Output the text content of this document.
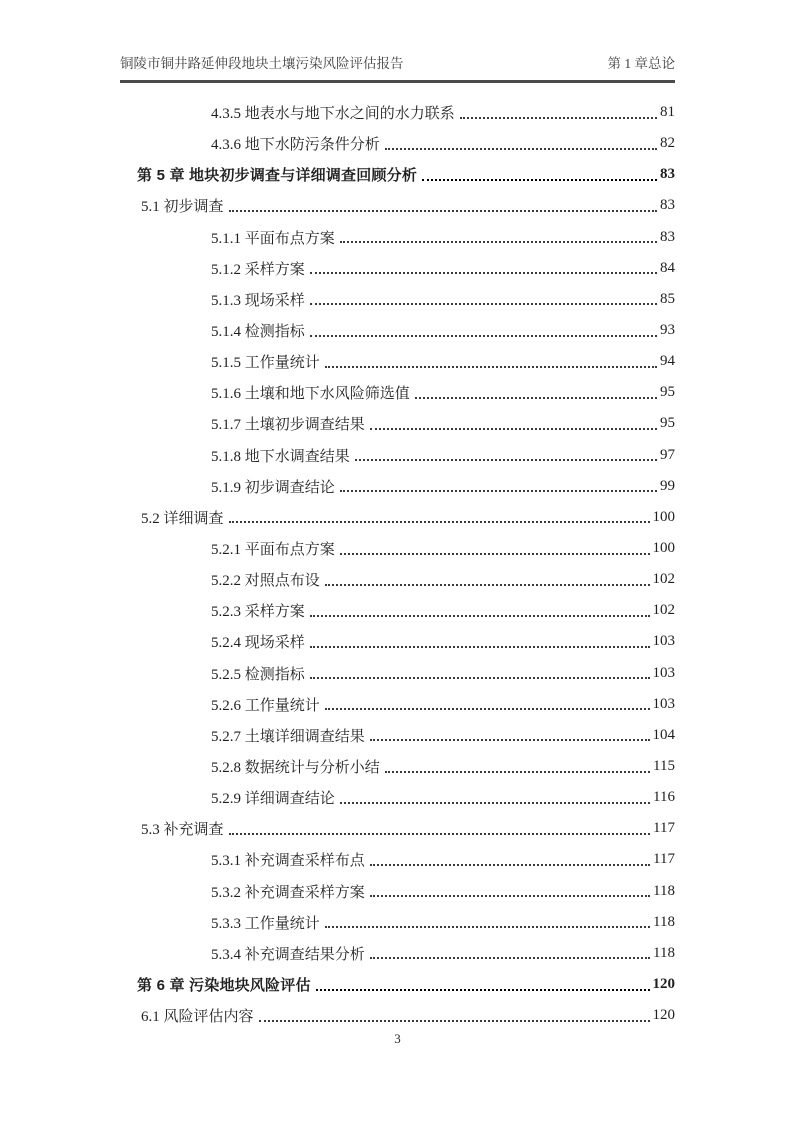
铜陵市铜井路延伸段地块土壤污染风险评估报告	第 1 章总论
4.3.5 地表水与地下水之间的水力联系	81
4.3.6 地下水防污条件分析	82
第 5 章 地块初步调查与详细调查回顾分析	83
5.1 初步调查	83
5.1.1 平面布点方案	83
5.1.2 采样方案	84
5.1.3 现场采样	85
5.1.4 检测指标	93
5.1.5 工作量统计	94
5.1.6 土壤和地下水风险筛选值	95
5.1.7 土壤初步调查结果	95
5.1.8 地下水调查结果	97
5.1.9 初步调查结论	99
5.2 详细调查	100
5.2.1 平面布点方案	100
5.2.2 对照点布设	102
5.2.3 采样方案	102
5.2.4 现场采样	103
5.2.5 检测指标	103
5.2.6 工作量统计	103
5.2.7 土壤详细调查结果	104
5.2.8 数据统计与分析小结	115
5.2.9 详细调查结论	116
5.3 补充调查	117
5.3.1 补充调查采样布点	117
5.3.2 补充调查采样方案	118
5.3.3 工作量统计	118
5.3.4 补充调查结果分析	118
第 6 章 污染地块风险评估	120
6.1 风险评估内容	120
3
